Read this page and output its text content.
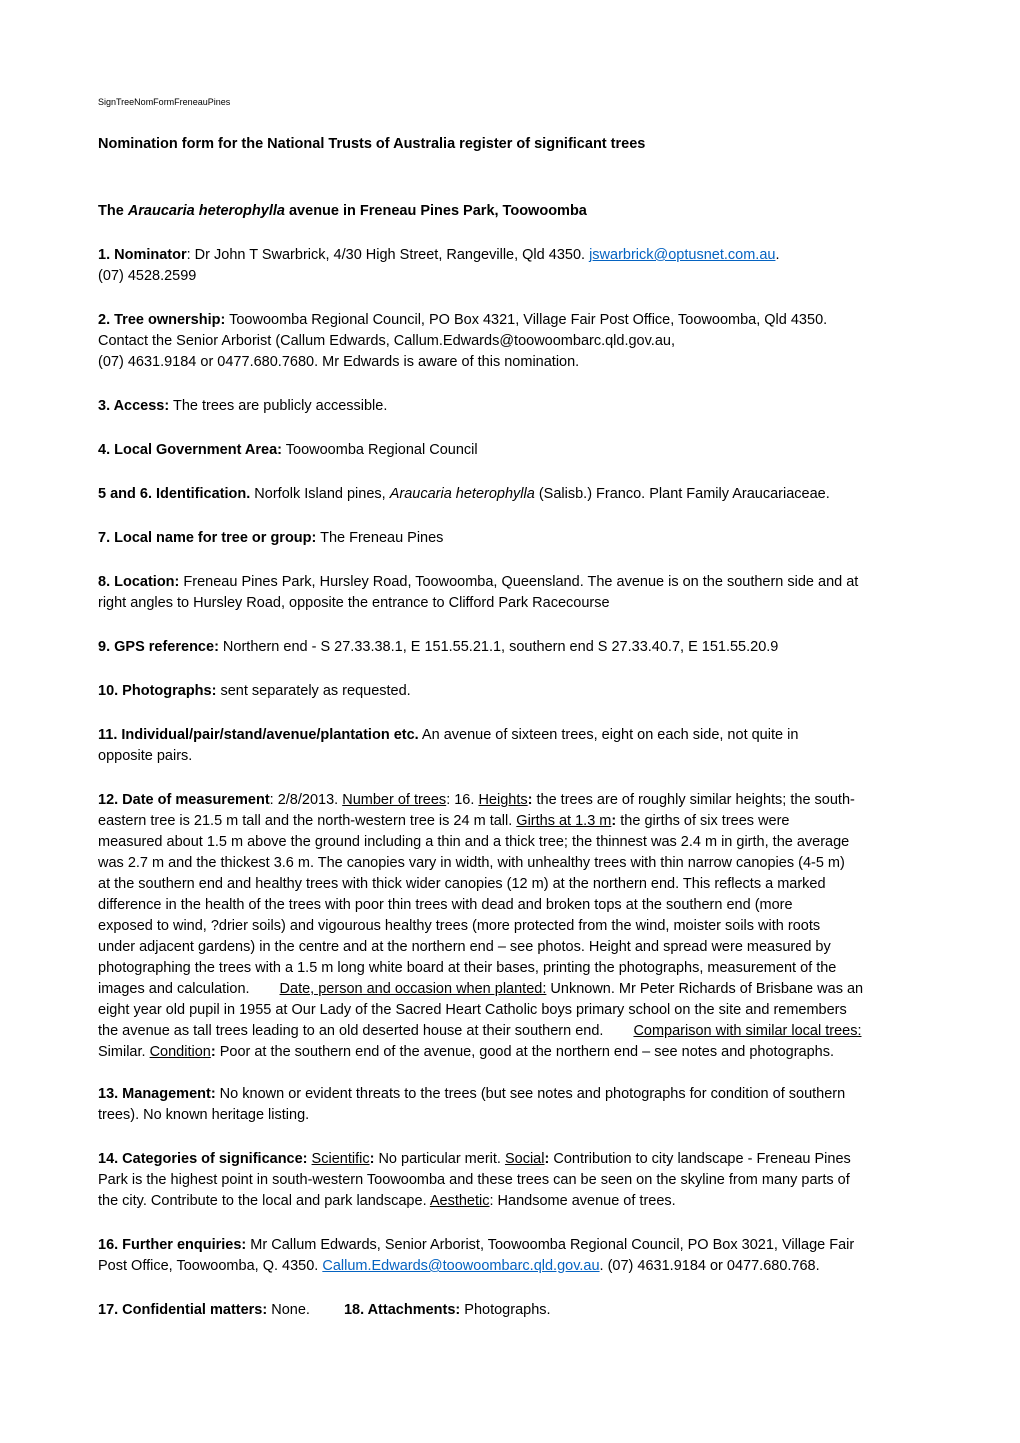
SignTreeNomFormFreneauPines
Nomination form for the National Trusts of Australia register of significant trees
The Araucaria heterophylla avenue in Freneau Pines Park, Toowoomba
1. Nominator: Dr John T Swarbrick, 4/30 High Street, Rangeville, Qld 4350. jswarbrick@optusnet.com.au.
(07) 4528.2599
2. Tree ownership: Toowoomba Regional Council, PO Box 4321, Village Fair Post Office, Toowoomba, Qld 4350.
Contact the Senior Arborist (Callum Edwards, Callum.Edwards@toowoombarc.qld.gov.au,
(07) 4631.9184 or 0477.680.7680. Mr Edwards is aware of this nomination.
3. Access: The trees are publicly accessible.
4. Local Government Area: Toowoomba Regional Council
5 and 6. Identification. Norfolk Island pines, Araucaria heterophylla (Salisb.) Franco. Plant Family Araucariaceae.
7. Local name for tree or group: The Freneau Pines
8. Location: Freneau Pines Park, Hursley Road, Toowoomba, Queensland. The avenue is on the southern side and at
right angles to Hursley Road, opposite the entrance to Clifford Park Racecourse
9. GPS reference: Northern end - S 27.33.38.1, E 151.55.21.1, southern end S 27.33.40.7, E 151.55.20.9
10. Photographs: sent separately as requested.
11. Individual/pair/stand/avenue/plantation etc. An avenue of sixteen trees, eight on each side, not quite in
opposite pairs.
12. Date of measurement: 2/8/2013. Number of trees: 16. Heights: the trees are of roughly similar heights; the south-
eastern tree is 21.5 m tall and the north-western tree is 24 m tall. Girths at 1.3 m: the girths of six trees were
measured about 1.5 m above the ground including a thin and a thick tree; the thinnest was 2.4 m in girth, the average
was 2.7 m and the thickest 3.6 m. The canopies vary in width, with unhealthy trees with thin narrow canopies (4-5 m)
at the southern end and healthy trees with thick wider canopies (12 m) at the northern end. This reflects a marked
difference in the health of the trees with poor thin trees with dead and broken tops at the southern end (more
exposed to wind, ?drier soils) and vigourous healthy trees (more protected from the wind, moister soils with roots
under adjacent gardens) in the centre and at the northern end – see photos. Height and spread were measured by
photographing the trees with a 1.5 m long white board at their bases, printing the photographs, measurement of the
images and calculation. Date, person and occasion when planted: Unknown. Mr Peter Richards of Brisbane was an
eight year old pupil in 1955 at Our Lady of the Sacred Heart Catholic boys primary school on the site and remembers
the avenue as tall trees leading to an old deserted house at their southern end. Comparison with similar local trees:
Similar. Condition: Poor at the southern end of the avenue, good at the northern end – see notes and photographs.
13. Management: No known or evident threats to the trees (but see notes and photographs for condition of southern
trees). No known heritage listing.
14. Categories of significance: Scientific: No particular merit. Social: Contribution to city landscape - Freneau Pines
Park is the highest point in south-western Toowoomba and these trees can be seen on the skyline from many parts of
the city. Contribute to the local and park landscape. Aesthetic: Handsome avenue of trees.
16. Further enquiries: Mr Callum Edwards, Senior Arborist, Toowoomba Regional Council, PO Box 3021, Village Fair
Post Office, Toowoomba, Q. 4350. Callum.Edwards@toowoombarc.qld.gov.au. (07) 4631.9184 or 0477.680.768.
17. Confidential matters: None. 18. Attachments: Photographs.
